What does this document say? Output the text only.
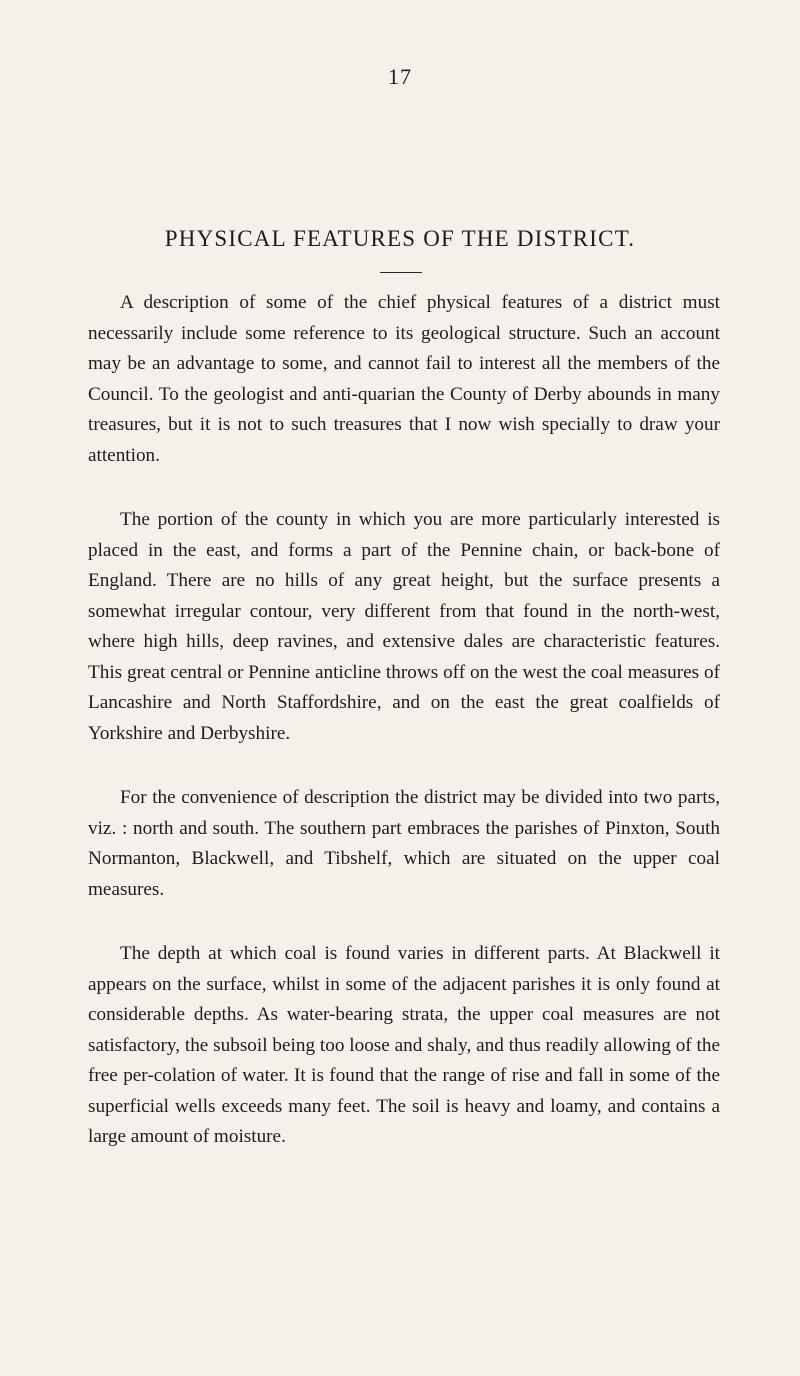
17
PHYSICAL FEATURES OF THE DISTRICT.

A description of some of the chief physical features of a district must necessarily include some reference to its geological structure. Such an account may be an advantage to some, and cannot fail to interest all the members of the Council. To the geologist and anti-quarian the County of Derby abounds in many treasures, but it is not to such treasures that I now wish specially to draw your attention.

The portion of the county in which you are more particularly interested is placed in the east, and forms a part of the Pennine chain, or back-bone of England. There are no hills of any great height, but the surface presents a somewhat irregular contour, very different from that found in the north-west, where high hills, deep ravines, and extensive dales are characteristic features. This great central or Pennine anticline throws off on the west the coal measures of Lancashire and North Staffordshire, and on the east the great coalfields of Yorkshire and Derbyshire.

For the convenience of description the district may be divided into two parts, viz. : north and south. The southern part embraces the parishes of Pinxton, South Normanton, Blackwell, and Tibshelf, which are situated on the upper coal measures.

The depth at which coal is found varies in different parts. At Blackwell it appears on the surface, whilst in some of the adjacent parishes it is only found at considerable depths. As water-bearing strata, the upper coal measures are not satisfactory, the subsoil being too loose and shaly, and thus readily allowing of the free per-colation of water. It is found that the range of rise and fall in some of the superficial wells exceeds many feet. The soil is heavy and loamy, and contains a large amount of moisture.
